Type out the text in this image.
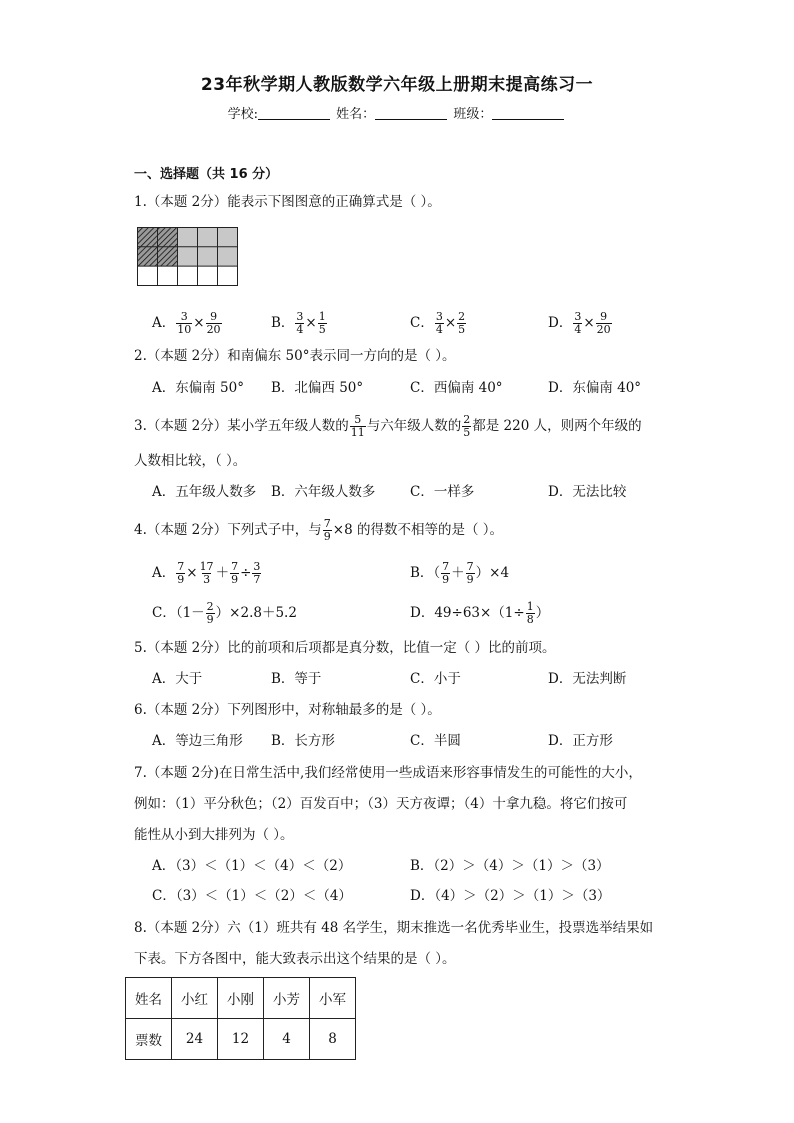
23年秋学期人教版数学六年级上册期末提高练习一
学校:	姓名：	班级：
一、选择题（共 16 分）
1.（本题 2分）能表示下图图意的正确算式是（ ）。
A． $\frac{3}{10} \times \frac{9}{20}$	B． $\frac{3}{4} \times \frac{1}{5}$	C． $\frac{3}{4} \times \frac{2}{5}$	D． $\frac{3}{4} \times \frac{9}{20}$
2.（本题 2分）和南偏东 50°表示同一方向的是（ ）。
A．东偏南 50° B．北偏西 50°	C．西偏南 40°	D．东偏南 40°
3.（本题 2分）某小学五年级人数的 $\frac{5}{11}$ 与六年级人数的 $\frac{2}{5}$ 都是 220 人，则两个年级的
人数相比较，（ ）。
A．五年级人数多 B．六年级人数多	C．一样多	D．无法比较
4.（本题 2分）下列式子中，与 $\frac{7}{9} \times 8$ 的得数不相等的是（ ）。
A． $\frac{7}{9} \times \frac{17}{3} + \frac{7}{9} \div \frac{3}{7}$	B．（ $\frac{7}{9} + \frac{7}{9} )\times 4$
C．$(1- \frac{2}{9} )\times 2.8+5.2$	D．$49\div 63\times(1\div \frac{1}{8}$ ）
5.（本题 2分）比的前项和后项都是真分数，比值一定（ ）比的前项。
A．大于	B．等于	C．小于	D．无法判断
6.（本题 2分）下列图形中，对称轴最多的是（ ）。
A．等边三角形 B．长方形	C．半圆	D．正方形
7.（本题 2分)在日常生活中,我们经常使用一些成语来形容事情发生的可能性的大小，
例如：（1）平分秋色；（2）百发百中；（3）天方夜谭；（4）十拿九稳。将它们按可
能性从小到大排列为（ ）。
A．（3）＜（1）＜（4）＜（2）	B．（2）＞（4）＞（1）＞（3）
C．（3）＜（1）＜（2）＜（4）	D．（4）＞（2）＞（1）＞（3）
8.（本题 2分）六（1）班共有 48 名学生，期末推选一名优秀毕业生，投票选举结果如
下表。下方各图中，能大致表示出这个结果的是（ ）。
姓名	小红	小刚	小芳	小军
票数	24	12	4	8
